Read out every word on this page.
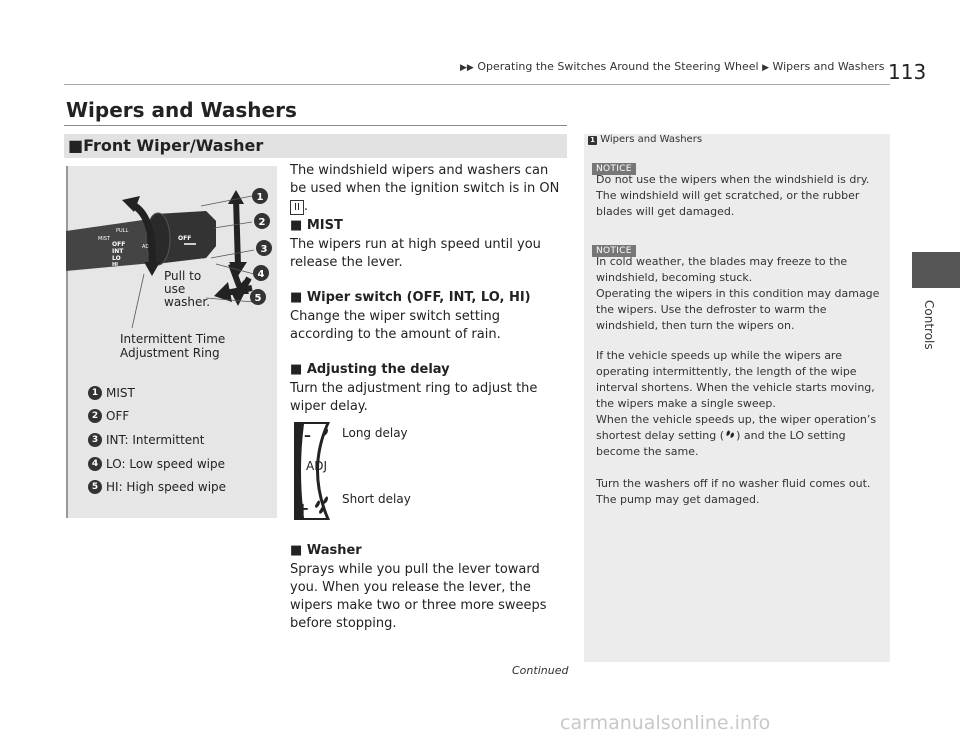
▶▶ Operating the Switches Around the Steering Wheel ▶ Wipers and Washers 113
Controls
Wipers and Washers
■Front Wiper/Washer
MIST
PULL
OFF
INT
LO
HI
ADJ
OFF
1
2
3
4
5
Pull to
use
washer.
Intermittent Time
Adjustment Ring
1 MIST
2 OFF
3 INT: Intermittent
4 LO: Low speed wipe
5 HI: High speed wipe
The windshield wipers and washers can be used when the ignition switch is in ON II .
■ MIST
The wipers run at high speed until you release the lever.
■ Wiper switch (OFF, INT, LO, HI)
Change the wiper switch setting according to the amount of rain.
■ Adjusting the delay
Turn the adjustment ring to adjust the wiper delay.
ADJ
–
+
Long delay
Short delay
■ Washer
Sprays while you pull the lever toward you. When you release the lever, the wipers make two or three more sweeps before stopping.
1 Wipers and Washers
NOTICE
Do not use the wipers when the windshield is dry. The windshield will get scratched, or the rubber blades will get damaged.
NOTICE
In cold weather, the blades may freeze to the windshield, becoming stuck.
Operating the wipers in this condition may damage the wipers. Use the defroster to warm the windshield, then turn the wipers on.
If the vehicle speeds up while the wipers are operating intermittently, the length of the wipe interval shortens. When the vehicle starts moving, the wipers make a single sweep.
When the vehicle speeds up, the wiper operation’s shortest delay setting ( ) and the LO setting become the same.
Turn the washers off if no washer fluid comes out. The pump may get damaged.
Continued
carmanualsonline.info
